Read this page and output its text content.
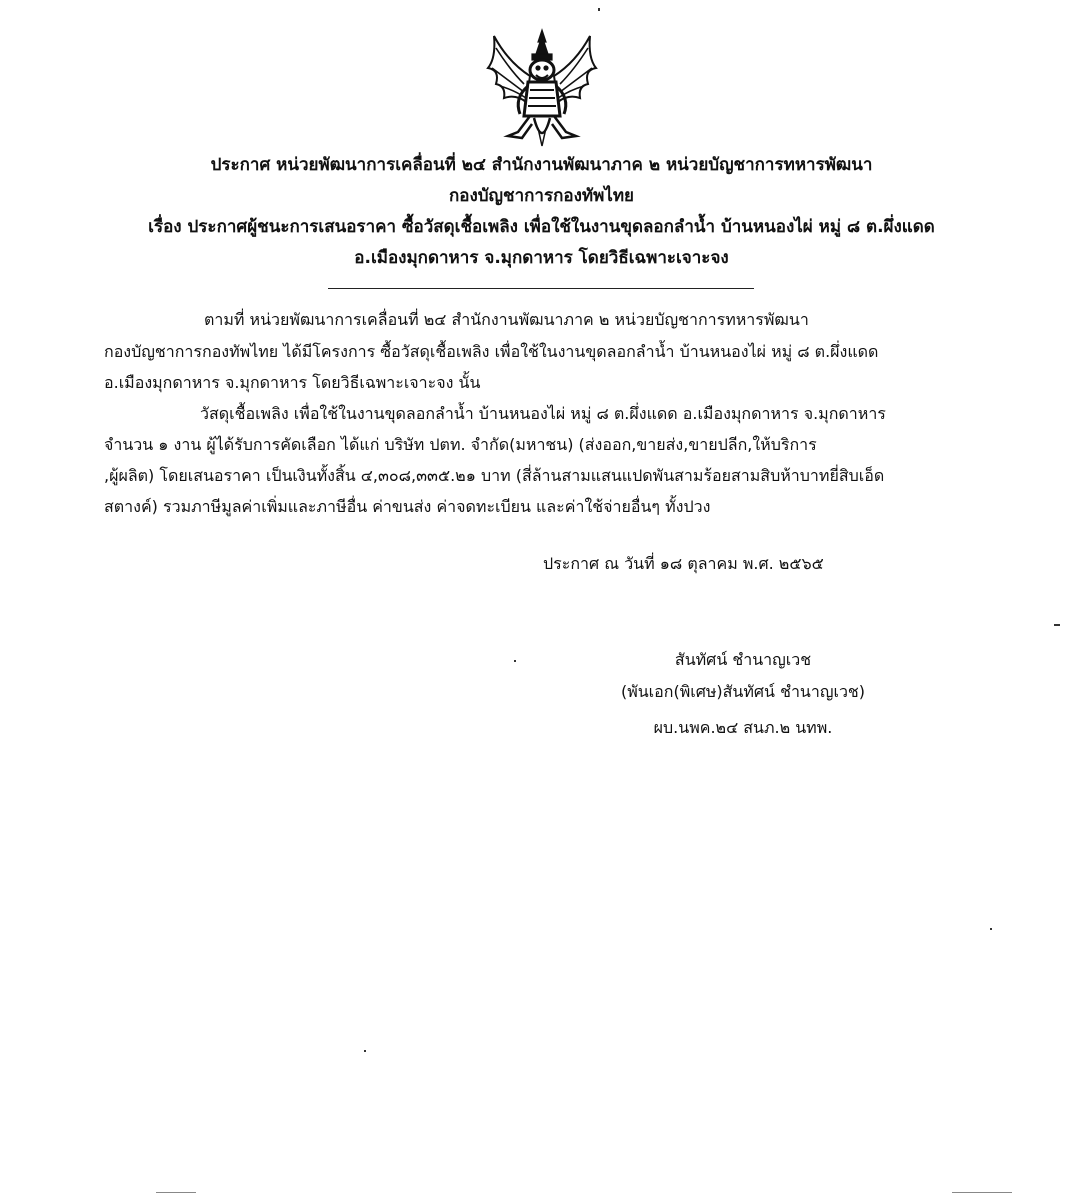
ประกาศ หน่วยพัฒนาการเคลื่อนที่ ๒๔ สำนักงานพัฒนาภาค ๒ หน่วยบัญชาการทหารพัฒนา
กองบัญชาการกองทัพไทย
เรื่อง ประกาศผู้ชนะการเสนอราคา ซื้อวัสดุเชื้อเพลิง เพื่อใช้ในงานขุดลอกลำน้ำ บ้านหนองไผ่ หมู่ ๘ ต.ผึ่งแดด
อ.เมืองมุกดาหาร จ.มุกดาหาร โดยวิธีเฉพาะเจาะจง
ตามที่ หน่วยพัฒนาการเคลื่อนที่ ๒๔ สำนักงานพัฒนาภาค ๒ หน่วยบัญชาการทหารพัฒนา
กองบัญชาการกองทัพไทย ได้มีโครงการ ซื้อวัสดุเชื้อเพลิง เพื่อใช้ในงานขุดลอกลำน้ำ บ้านหนองไผ่ หมู่ ๘ ต.ผึ่งแดด
อ.เมืองมุกดาหาร จ.มุกดาหาร โดยวิธีเฉพาะเจาะจง นั้น
วัสดุเชื้อเพลิง เพื่อใช้ในงานขุดลอกลำน้ำ บ้านหนองไผ่ หมู่ ๘ ต.ผึ่งแดด อ.เมืองมุกดาหาร จ.มุกดาหาร
จำนวน ๑ งาน ผู้ได้รับการคัดเลือก ได้แก่ บริษัท ปตท. จำกัด(มหาชน) (ส่งออก,ขายส่ง,ขายปลีก,ให้บริการ
,ผู้ผลิต) โดยเสนอราคา เป็นเงินทั้งสิ้น ๔,๓๐๘,๓๓๕.๒๑ บาท (สี่ล้านสามแสนแปดพันสามร้อยสามสิบห้าบาทยี่สิบเอ็ด
สตางค์) รวมภาษีมูลค่าเพิ่มและภาษีอื่น ค่าขนส่ง ค่าจดทะเบียน และค่าใช้จ่ายอื่นๆ ทั้งปวง
ประกาศ ณ วันที่ ๑๘ ตุลาคม พ.ศ. ๒๕๖๕
สันทัศน์ ชำนาญเวช
(พันเอก(พิเศษ)สันทัศน์ ชำนาญเวช)
ผบ.นพค.๒๔ สนภ.๒ นทพ.
